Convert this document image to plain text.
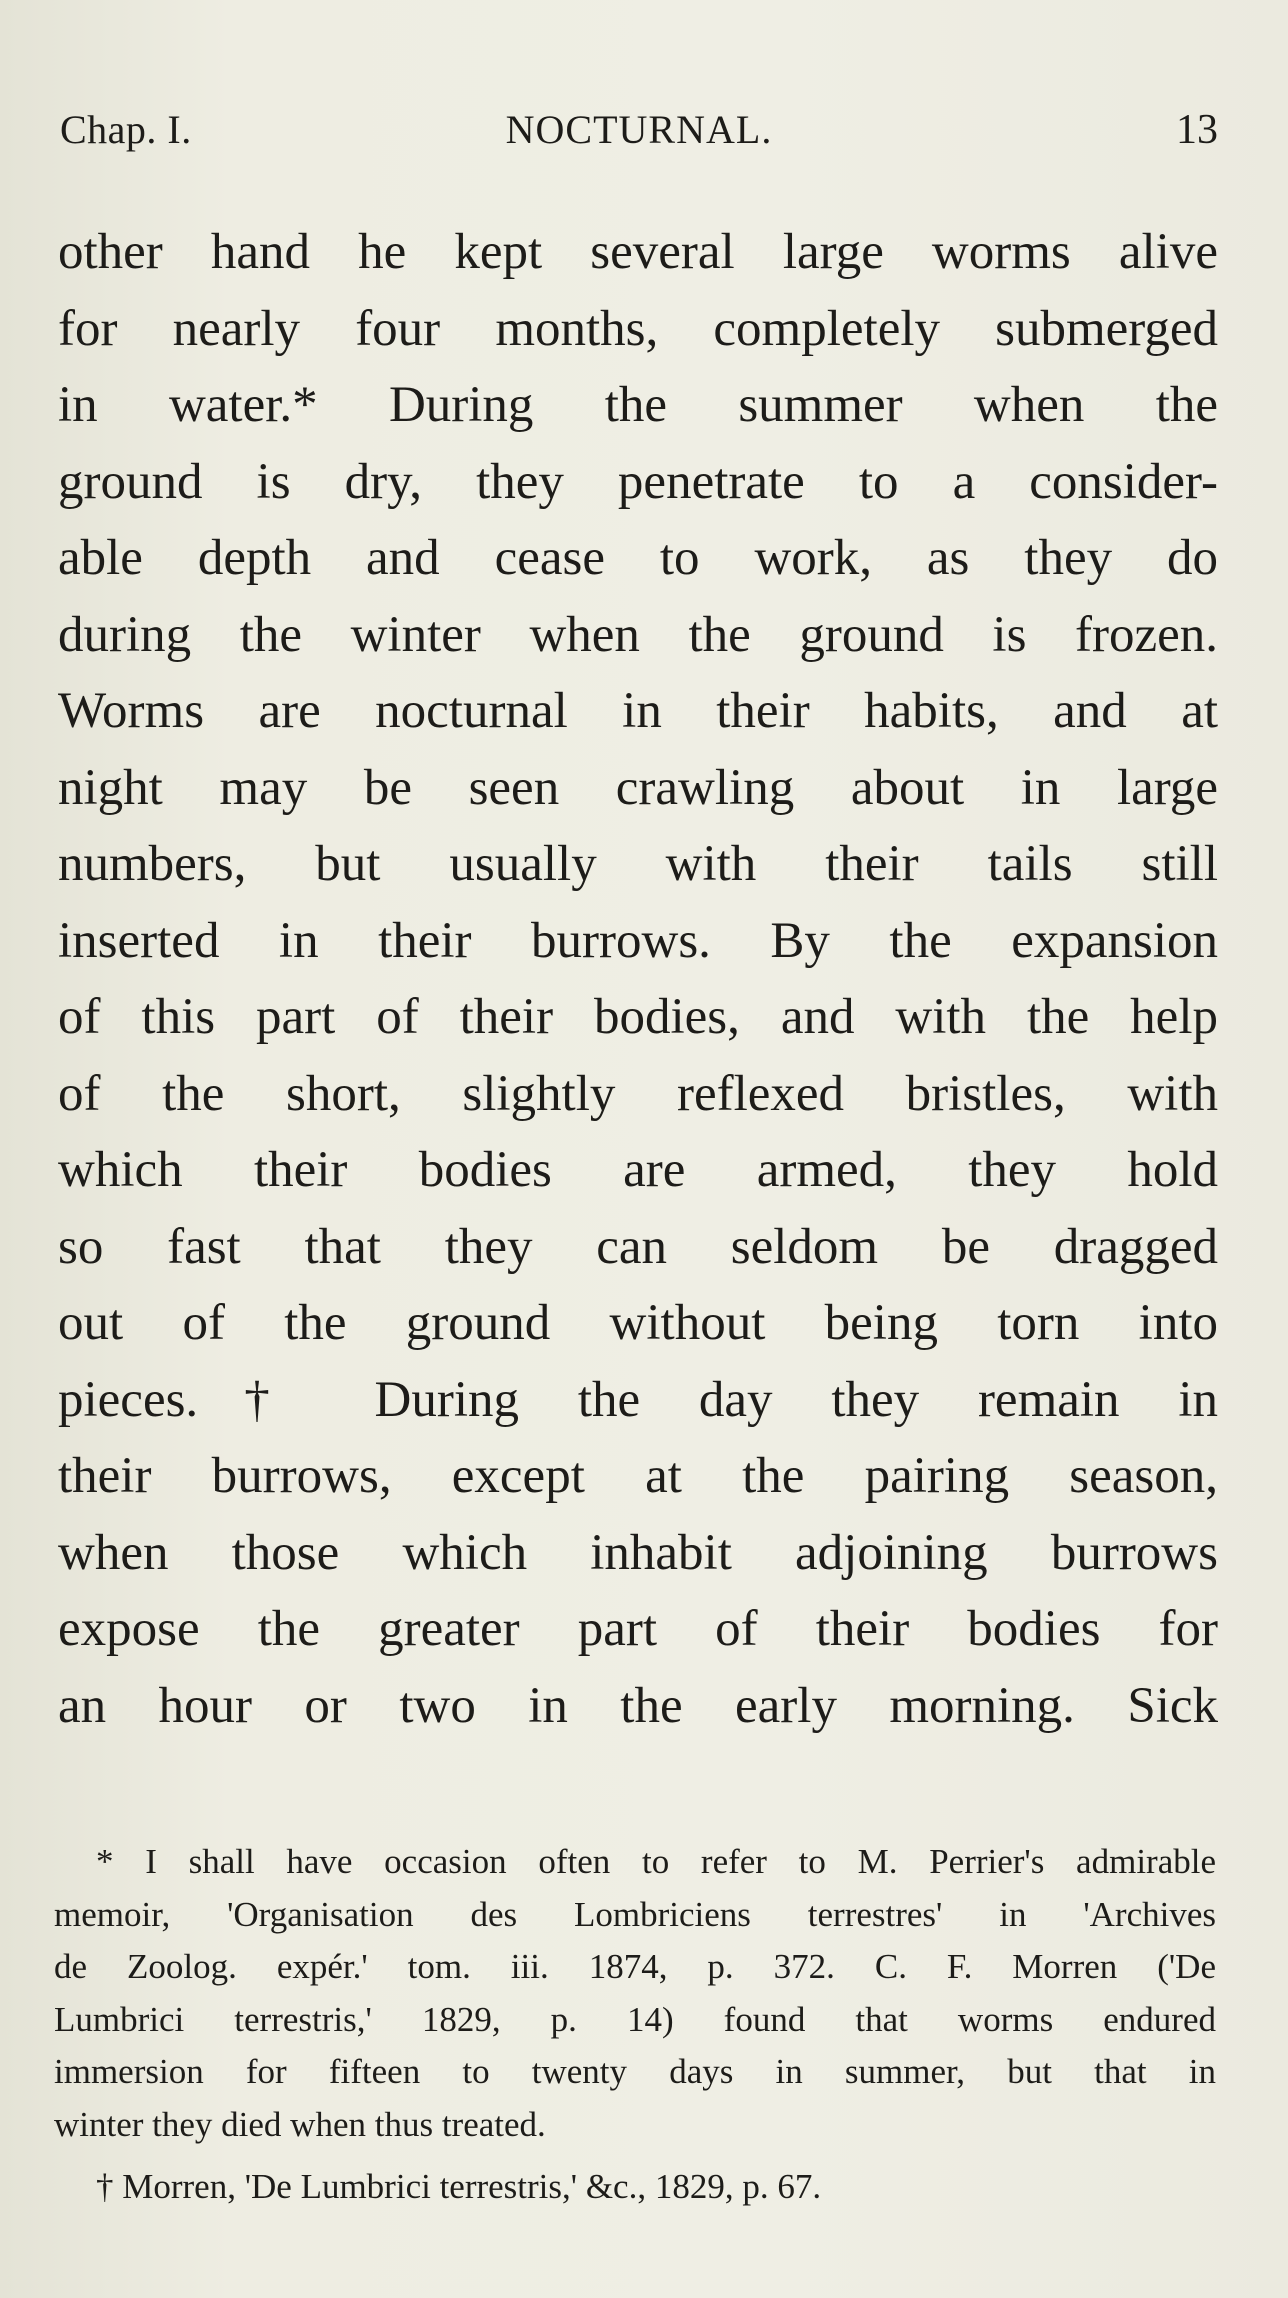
Chap. I.	NOCTURNAL.	13
other hand he kept several large worms alive
for nearly four months, completely submerged
in water.* During the summer when the
ground is dry, they penetrate to a consider-
able depth and cease to work, as they do
during the winter when the ground is frozen.
Worms are nocturnal in their habits, and at
night may be seen crawling about in large
numbers, but usually with their tails still
inserted in their burrows. By the expansion
of this part of their bodies, and with the help
of the short, slightly reflexed bristles, with
which their bodies are armed, they hold
so fast that they can seldom be dragged
out of the ground without being torn into
pieces.† During the day they remain in
their burrows, except at the pairing season,
when those which inhabit adjoining burrows
expose the greater part of their bodies for
an hour or two in the early morning. Sick
* I shall have occasion often to refer to M. Perrier's admirable
memoir, 'Organisation des Lombriciens terrestres' in 'Archives
de Zoolog. expér.' tom. iii. 1874, p. 372. C. F. Morren ('De
Lumbrici terrestris,' 1829, p. 14) found that worms endured
immersion for fifteen to twenty days in summer, but that in
winter they died when thus treated.
† Morren, 'De Lumbrici terrestris,' &c., 1829, p. 67.
